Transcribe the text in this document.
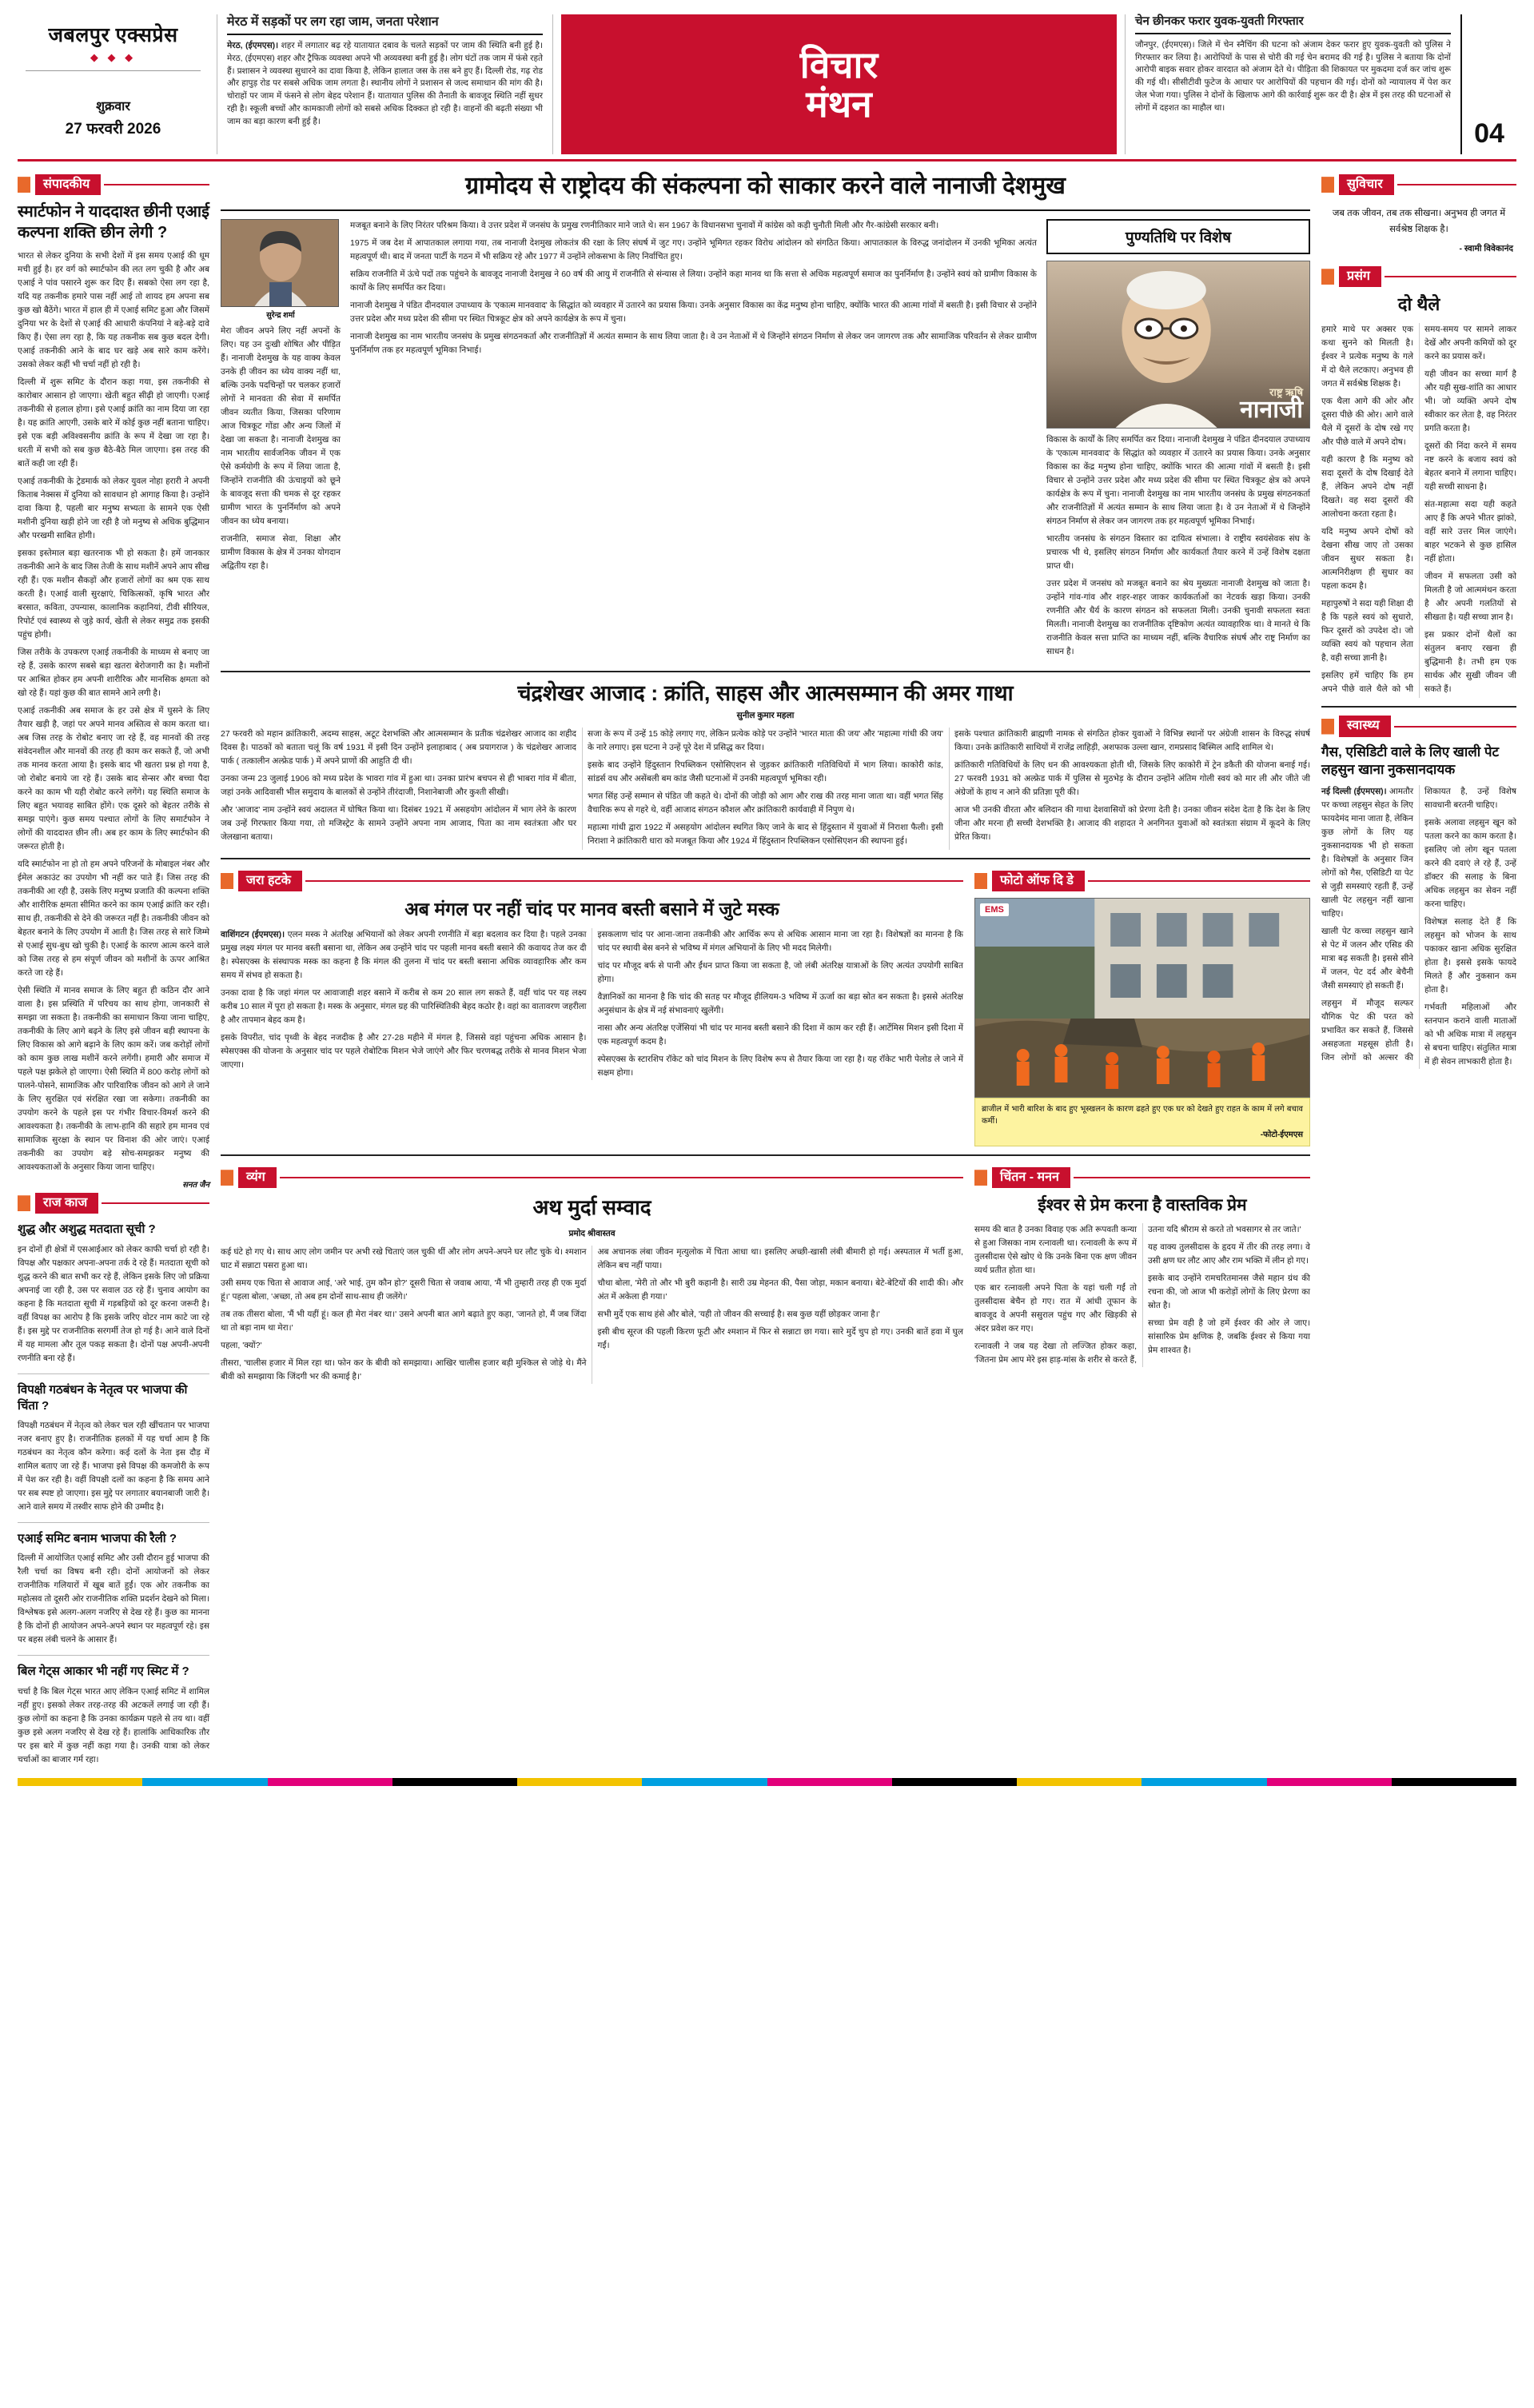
जबलपुर एक्सप्रेस
◆ ◆ ◆
शुक्रवार
27 फरवरी 2026
मेरठ में सड़कों पर लग रहा जाम, जनता परेशान

मेरठ, (ईएमएस)। शहर में लगातार बढ़ रहे यातायात दबाव के चलते सड़कों पर जाम की स्थिति बनी हुई है। मेरठ, (ईएमएस) शहर और ट्रैफिक व्यवस्था अपने भी अव्यवस्था बनी हुई है। लोग घंटों तक जाम में फंसे रहते हैं। प्रशासन ने व्यवस्था सुधारने का दावा किया है, लेकिन हालात जस के तस बने हुए हैं। दिल्ली रोड, गढ़ रोड और हापुड़ रोड पर सबसे अधिक जाम लगता है। स्थानीय लोगों ने प्रशासन से जल्द समाधान की मांग की है। चोराहों पर जाम में फंसने से लोग बेहद परेशान हैं। यातायात पुलिस की तैनाती के बावजूद स्थिति नहीं सुधर रही है। स्कूली बच्चों और कामकाजी लोगों को सबसे अधिक दिक्कत हो रही है। वाहनों की बढ़ती संख्या भी जाम का बड़ा कारण बनी हुई है।

विचार
मंथन
चेन छीनकर फरार युवक-युवती गिरफ्तार

जौनपुर, (ईएमएस)। जिले में चेन स्नैचिंग की घटना को अंजाम देकर फरार हुए युवक-युवती को पुलिस ने गिरफ्तार कर लिया है। आरोपियों के पास से चोरी की गई चेन बरामद की गई है। पुलिस ने बताया कि दोनों आरोपी बाइक सवार होकर वारदात को अंजाम देते थे। पीड़िता की शिकायत पर मुकदमा दर्ज कर जांच शुरू की गई थी। सीसीटीवी फुटेज के आधार पर आरोपियों की पहचान की गई। दोनों को न्यायालय में पेश कर जेल भेजा गया। पुलिस ने दोनों के खिलाफ आगे की कार्रवाई शुरू कर दी है। क्षेत्र में इस तरह की घटनाओं से लोगों में दहशत का माहौल था।

04
संपादकीय
स्मार्टफोन ने याददाश्त छीनी एआई कल्पना शक्ति छीन लेगी ?

भारत से लेकर दुनिया के सभी देशों में इस समय एआई की धूम मची हुई है। हर वर्ग को स्मार्टफोन की लत लग चुकी है और अब एआई ने पांव पसारने शुरू कर दिए हैं। सबको ऐसा लग रहा है, यदि यह तकनीक हमारे पास नहीं आई तो शायद हम अपना सब कुछ खो बैठेंगे। भारत में हाल ही में एआई समिट हुआ और जिसमें दुनिया भर के देशों से एआई की आधारी कंपनियां ने बड़े-बड़े दावे किए हैं। ऐसा लग रहा है, कि यह तकनीक सब कुछ बदल देगी। एआई तकनीकी आने के बाद घर खड़े अब सारे काम करेंगे। उसको लेकर कहीं भी चर्चा नहीं हो रही है।

दिल्ली में शुरू समिट के दौरान कहा गया, इस तकनीकी से कारोबार आसान हो जाएगा। खेती बहुत सीढ़ी हो जाएगी। एआई तकनीकी से हलाल होगा। इसे एआई क्रांति का नाम दिया जा रहा है। यह क्रांति आएगी, उसके बारे में कोई कुछ नहीं बताना चाहिए। इसे एक बड़ी अविश्वसनीय क्रांति के रूप में देखा जा रहा है। धरती में सभी को सब कुछ बैठे-बैठे मिल जाएगा। इस तरह की बातें कही जा रही हैं।

एआई तकनीकी के ट्रेडमार्क को लेकर युवल नोहा हरारी ने अपनी किताब नेक्सस में दुनिया को सावधान हो आगाह किया है। उन्होंने दावा किया है, पहली बार मनुष्य सभ्यता के सामने एक ऐसी मशीनी दुनिया खड़ी होने जा रही है जो मनुष्य से अधिक बुद्धिमान और परखमी साबित होगी।

इसका इस्तेमाल बड़ा खतरनाक भी हो सकता है। हमें जानकार तकनीकी आने के बाद जिस तेजी के साथ मशीनें अपने आप सीख रही हैं। एक मशीन सैकड़ों और हजारों लोगों का श्रम एक साथ करती है। एआई वाली सुरक्षाएं, चिकित्सकों, कृषि भारत और बरसात, कविता, उपन्यास, कालानिक कहानियां, टीवी सीरियल, रिपोर्ट एवं स्वास्थ्य से जुड़े कार्य, खेती से लेकर समुद्र तक इसकी पहुंच होगी।

जिस तरीके के उपकरण एआई तकनीकी के माध्यम से बनाए जा रहे हैं, उसके कारण सबसे बड़ा खतरा बेरोजगारी का है। मशीनों पर आश्रित होकर हम अपनी शारीरिक और मानसिक क्षमता को खो रहे हैं। यहां कुछ की बात सामने आने लगी है।

एआई तकनीकी अब समाज के हर उसे क्षेत्र में घुसने के लिए तैयार खड़ी है, जहां पर अपने मानव अस्तित्व से काम करता था। अब जिस तरह के रोबोट बनाए जा रहे हैं, वह मानवों की तरह संवेदनशील और मानवों की तरह ही काम कर सकते हैं, जो अभी तक मानव करता आया है। इसके बाद भी खतरा प्रश्न हो गया है, जो रोबोट बनाये जा रहे हैं। उसके बाद सेन्सर और बच्चा पैदा करने का काम भी यही रोबोट करने लगेंगे। यह स्थिति समाज के लिए बहुत भयावह साबित होंगे। एक दूसरे को बेहतर तरीके से समझ पाएंगे। कुछ समय पश्चात लोगों के लिए समार्टफोन ने लोगों की याददाश्त छीन ली। अब हर काम के लिए स्मार्टफोन की जरूरत होती है।

यदि स्मार्टफोन ना हो तो हम अपने परिजनों के मोबाइल नंबर और ईमेल अकाउंट का उपयोग भी नहीं कर पाते हैं। जिस तरह की तकनीकी आ रही है, उसके लिए मनुष्य प्रजाति की कल्पना शक्ति और शारीरिक क्षमता सीमित करने का काम एआई क्रांति कर रही। साथ ही, तकनीकी से देने की जरूरत नहीं है। तकनीकी जीवन को बेहतर बनाने के लिए उपयोग में आती है। जिस तरह से सारे जिम्मे से एआई सुध-बुध खो चुकी है। एआई के कारण आत्म करने वाले को जिस तरह से हम संपूर्ण जीवन को मशीनों के ऊपर आश्रित करते जा रहे हैं।

ऐसी स्थिति में मानव समाज के लिए बहुत ही कठिन दौर आने वाला है। इस प्रस्थिति में परिचय का साथ होगा, जानकारी से समझा जा सकता है। तकनीकी का समाधान किया जाना चाहिए, तकनीकी के लिए आगे बढ़ने के लिए इसे जीवन बड़ी स्थापना के लिए विकास को आगे बढ़ाने के लिए काम करें। जब करोड़ों लोगों को काम कुछ लाख मशीनें करने लगेंगी। हमारी और समाज में पहले पक्ष झकेले हो जाएगा। ऐसी स्थिति में 800 करोड़ लोगों को पालने-पोसने, सामाजिक और पारिवारिक जीवन को आगे ले जाने के लिए सुरक्षित एवं संरक्षित रखा जा सकेगा। तकनीकी का उपयोग करने के पहले इस पर गंभीर विचार-विमर्श करने की आवश्यकता है। तकनीकी के लाभ-हानि की सहारे हम मानव एवं सामाजिक सुरक्षा के स्थान पर विनाश की ओर जाएं। एआई तकनीकी का उपयोग बड़े सोच-समझकर मनुष्य की आवश्यकताओं के अनुसार किया जाना चाहिए।

सनत जैन
राज काज
शुद्ध और अशुद्ध मतदाता सूची ?
इन दोनों ही क्षेत्रों में एसआईआर को लेकर काफी चर्चा हो रही है। विपक्ष और पक्षकार अपना-अपना तर्क दे रहे हैं। मतदाता सूची को शुद्ध करने की बात सभी कर रहे हैं, लेकिन इसके लिए जो प्रक्रिया अपनाई जा रही है, उस पर सवाल उठ रहे हैं। चुनाव आयोग का कहना है कि मतदाता सूची में गड़बड़ियों को दूर करना जरूरी है। वहीं विपक्ष का आरोप है कि इसके जरिए वोटर नाम काटे जा रहे हैं। इस मुद्दे पर राजनीतिक सरगर्मी तेज हो गई है। आने वाले दिनों में यह मामला और तूल पकड़ सकता है। दोनों पक्ष अपनी-अपनी रणनीति बना रहे हैं।
विपक्षी गठबंधन के नेतृत्व पर भाजपा की चिंता ?
विपक्षी गठबंधन में नेतृत्व को लेकर चल रही खींचतान पर भाजपा नजर बनाए हुए है। राजनीतिक हलकों में यह चर्चा आम है कि गठबंधन का नेतृत्व कौन करेगा। कई दलों के नेता इस दौड़ में शामिल बताए जा रहे हैं। भाजपा इसे विपक्ष की कमजोरी के रूप में पेश कर रही है। वहीं विपक्षी दलों का कहना है कि समय आने पर सब स्पष्ट हो जाएगा। इस मुद्दे पर लगातार बयानबाजी जारी है। आने वाले समय में तस्वीर साफ होने की उम्मीद है।
एआई समिट बनाम भाजपा की रैली ?
दिल्ली में आयोजित एआई समिट और उसी दौरान हुई भाजपा की रैली चर्चा का विषय बनी रही। दोनों आयोजनों को लेकर राजनीतिक गलियारों में खूब बातें हुईं। एक ओर तकनीक का महोत्सव तो दूसरी ओर राजनीतिक शक्ति प्रदर्शन देखने को मिला। विश्लेषक इसे अलग-अलग नजरिए से देख रहे हैं। कुछ का मानना है कि दोनों ही आयोजन अपने-अपने स्थान पर महत्वपूर्ण रहे। इस पर बहस लंबी चलने के आसार हैं।
बिल गेट्स आकार भी नहीं गए स्मिट में ?
चर्चा है कि बिल गेट्स भारत आए लेकिन एआई समिट में शामिल नहीं हुए। इसको लेकर तरह-तरह की अटकलें लगाई जा रही हैं। कुछ लोगों का कहना है कि उनका कार्यक्रम पहले से तय था। वहीं कुछ इसे अलग नजरिए से देख रहे हैं। हालांकि आधिकारिक तौर पर इस बारे में कुछ नहीं कहा गया है। उनकी यात्रा को लेकर चर्चाओं का बाजार गर्म रहा।
ग्रामोदय से राष्ट्रोदय की संकल्पना को साकार करने वाले नानाजी देशमुख
सुरेन्द्र शर्मा

मेरा जीवन अपने लिए नहीं अपनों के लिए। यह उन दुःखी शोषित और पीड़ित हैं। नानाजी देशमुख के यह वाक्य केवल उनके ही जीवन का ध्येय वाक्य नहीं था, बल्कि उनके पदचिन्हों पर चलकर हजारों लोगों ने मानवता की सेवा में समर्पित जीवन व्यतीत किया, जिसका परिणाम आज चित्रकूट गोंडा और अन्य जिलों में देखा जा सकता है। नानाजी देशमुख का नाम भारतीय सार्वजनिक जीवन में एक ऐसे कर्मयोगी के रूप में लिया जाता है, जिन्होंने राजनीति की ऊंचाइयों को छूने के बावजूद सत्ता की चमक से दूर रहकर ग्रामीण भारत के पुनर्निर्माण को अपने जीवन का ध्येय बनाया।

राजनीति, समाज सेवा, शिक्षा और ग्रामीण विकास के क्षेत्र में उनका योगदान अद्वितीय रहा है।

मजबूत बनाने के लिए निरंतर परिश्रम किया। वे उत्तर प्रदेश में जनसंघ के प्रमुख रणनीतिकार माने जाते थे। सन 1967 के विधानसभा चुनावों में कांग्रेस को कड़ी चुनौती मिली और गैर-कांग्रेसी सरकार बनी।

1975 में जब देश में आपातकाल लगाया गया, तब नानाजी देशमुख लोकतंत्र की रक्षा के लिए संघर्ष में जुट गए। उन्होंने भूमिगत रहकर विरोध आंदोलन को संगठित किया। आपातकाल के विरुद्ध जनांदोलन में उनकी भूमिका अत्यंत महत्वपूर्ण थी। बाद में जनता पार्टी के गठन में भी सक्रिय रहे और 1977 में उन्होंने लोकसभा के लिए निर्वाचित हुए।

सक्रिय राजनीति में ऊंचे पदों तक पहुंचने के बावजूद नानाजी देशमुख ने 60 वर्ष की आयु में राजनीति से संन्यास ले लिया। उन्होंने कहा मानव था कि सत्ता से अधिक महत्वपूर्ण समाज का पुनर्निर्माण है। उन्होंने स्वयं को ग्रामीण विकास के कार्यों के लिए समर्पित कर दिया।

नानाजी देशमुख ने पंडित दीनदयाल उपाध्याय के 'एकात्म मानववाद' के सिद्धांत को व्यवहार में उतारने का प्रयास किया। उनके अनुसार विकास का केंद्र मनुष्य होना चाहिए, क्योंकि भारत की आत्मा गांवों में बसती है। इसी विचार से उन्होंने उत्तर प्रदेश और मध्य प्रदेश की सीमा पर स्थित चित्रकूट क्षेत्र को अपने कार्यक्षेत्र के रूप में चुना।

नानाजी देशमुख का नाम भारतीय जनसंघ के प्रमुख संगठनकर्ता और राजनीतिज्ञों में अत्यंत सम्मान के साथ लिया जाता है। वे उन नेताओं में थे जिन्होंने संगठन निर्माण से लेकर जन जागरण तक और सामाजिक परिवर्तन से लेकर ग्रामीण पुनर्निर्माण तक हर महत्वपूर्ण भूमिका निभाई।

पुण्यतिथि पर विशेष
राष्ट्र ऋषि
नानाजी

विकास के कार्यों के लिए समर्पित कर दिया। नानाजी देशमुख ने पंडित दीनदयाल उपाध्याय के 'एकात्म मानववाद' के सिद्धांत को व्यवहार में उतारने का प्रयास किया। उनके अनुसार विकास का केंद्र मनुष्य होना चाहिए, क्योंकि भारत की आत्मा गांवों में बसती है। इसी विचार से उन्होंने उत्तर प्रदेश और मध्य प्रदेश की सीमा पर स्थित चित्रकूट क्षेत्र को अपने कार्यक्षेत्र के रूप में चुना। नानाजी देशमुख का नाम भारतीय जनसंघ के प्रमुख संगठनकर्ता और राजनीतिज्ञों में अत्यंत सम्मान के साथ लिया जाता है। वे उन नेताओं में थे जिन्होंने संगठन निर्माण से लेकर जन जागरण तक हर महत्वपूर्ण भूमिका निभाई।

भारतीय जनसंघ के संगठन विस्तार का दायित्व संभाला। वे राष्ट्रीय स्वयंसेवक संघ के प्रचारक भी थे, इसलिए संगठन निर्माण और कार्यकर्ता तैयार करने में उन्हें विशेष दक्षता प्राप्त थी।

उत्तर प्रदेश में जनसंघ को मजबूत बनाने का श्रेय मुख्यतः नानाजी देशमुख को जाता है। उन्होंने गांव-गांव और शहर-शहर जाकर कार्यकर्ताओं का नेटवर्क खड़ा किया। उनकी रणनीति और धैर्य के कारण संगठन को सफलता मिली। उनकी चुनावी सफलता स्वतः मिलती। नानाजी देशमुख का राजनीतिक दृष्टिकोण अत्यंत व्यावहारिक था। वे मानते थे कि राजनीति केवल सत्ता प्राप्ति का माध्यम नहीं, बल्कि वैचारिक संघर्ष और राष्ट्र निर्माण का साधन है।

चंद्रशेखर आजाद : क्रांति, साहस और आत्मसम्मान की अमर गाथा
सुनील कुमार महला

27 फरवरी को महान क्रांतिकारी, अदम्य साहस, अटूट देशभक्ति और आत्मसम्मान के प्रतीक चंद्रशेखर आजाद का शहीद दिवस है। पाठकों को बताता चलूं कि वर्ष 1931 में इसी दिन उन्होंने इलाहाबाद ( अब प्रयागराज ) के चंद्रशेखर आजाद पार्क ( तत्कालीन अल्फ्रेड पार्क ) में अपने प्राणों की आहुति दी थी।

उनका जन्म 23 जुलाई 1906 को मध्य प्रदेश के भावरा गांव में हुआ था। उनका प्रारंभ बचपन से ही भाबरा गांव में बीता, जहां उनके आदिवासी भील समुदाय के बालकों से उन्होंने तीरंदाजी, निशानेबाजी और कुश्ती सीखी।

और 'आजाद' नाम उन्होंने स्वयं अदालत में घोषित किया था। दिसंबर 1921 में असहयोग आंदोलन में भाग लेने के कारण जब उन्हें गिरफ्तार किया गया, तो मजिस्ट्रेट के सामने उन्होंने अपना नाम आजाद, पिता का नाम स्वतंत्रता और घर जेलखाना बताया।

सजा के रूप में उन्हें 15 कोड़े लगाए गए, लेकिन प्रत्येक कोड़े पर उन्होंने 'भारत माता की जय' और 'महात्मा गांधी की जय' के नारे लगाए। इस घटना ने उन्हें पूरे देश में प्रसिद्ध कर दिया।

इसके बाद उन्होंने हिंदुस्तान रिपब्लिकन एसोसिएशन से जुड़कर क्रांतिकारी गतिविधियों में भाग लिया। काकोरी कांड, सांडर्स वध और असेंबली बम कांड जैसी घटनाओं में उनकी महत्वपूर्ण भूमिका रही।

भगत सिंह उन्हें सम्मान से पंडित जी कहते थे। दोनों की जोड़ी को आग और राख की तरह माना जाता था। वहीं भगत सिंह वैचारिक रूप से गहरे थे, वहीं आजाद संगठन कौशल और क्रांतिकारी कार्यवाही में निपुण थे।

महात्मा गांधी द्वारा 1922 में असहयोग आंदोलन स्थगित किए जाने के बाद से हिंदुस्तान में युवाओं में निराशा फैली। इसी निराशा ने क्रांतिकारी धारा को मजबूत किया और 1924 में हिंदुस्तान रिपब्लिकन एसोसिएशन की स्थापना हुई।

इसके पश्चात क्रांतिकारी ब्राह्मणी नामक से संगठित होकर युवाओं ने विभिन्न स्थानों पर अंग्रेजी शासन के विरुद्ध संघर्ष किया। उनके क्रांतिकारी साथियों में राजेंद्र लाहिड़ी, अशफाक उल्ला खान, रामप्रसाद बिस्मिल आदि शामिल थे।

क्रांतिकारी गतिविधियों के लिए धन की आवश्यकता होती थी, जिसके लिए काकोरी में ट्रेन डकैती की योजना बनाई गई। 27 फरवरी 1931 को अल्फ्रेड पार्क में पुलिस से मुठभेड़ के दौरान उन्होंने अंतिम गोली स्वयं को मार ली और जीते जी अंग्रेजों के हाथ न आने की प्रतिज्ञा पूरी की।

आज भी उनकी वीरता और बलिदान की गाथा देशवासियों को प्रेरणा देती है। उनका जीवन संदेश देता है कि देश के लिए जीना और मरना ही सच्ची देशभक्ति है। आजाद की शहादत ने अनगिनत युवाओं को स्वतंत्रता संग्राम में कूदने के लिए प्रेरित किया।

जरा हटके
अब मंगल पर नहीं चांद पर मानव बस्ती बसाने में जुटे मस्क

वाशिंगटन (ईएमएस)। एलन मस्क ने अंतरिक्ष अभियानों को लेकर अपनी रणनीति में बड़ा बदलाव कर दिया है। पहले उनका प्रमुख लक्ष्य मंगल पर मानव बस्ती बसाना था, लेकिन अब उन्होंने चांद पर पहली मानव बस्ती बसाने की कवायद तेज कर दी है। स्पेसएक्स के संस्थापक मस्क का कहना है कि मंगल की तुलना में चांद पर बस्ती बसाना अधिक व्यावहारिक और कम समय में संभव हो सकता है।

उनका दावा है कि जहां मंगल पर आवाजाही शहर बसाने में करीब से कम 20 साल लग सकते हैं, वहीं चांद पर यह लक्ष्य करीब 10 साल में पूरा हो सकता है। मस्क के अनुसार, मंगल ग्रह की पारिस्थितिकी बेहद कठोर है। वहां का वातावरण जहरीला है और तापमान बेहद कम है।

इसके विपरीत, चांद पृथ्वी के बेहद नजदीक है और 27-28 महीने में मंगल है, जिससे वहां पहुंचना अधिक आसान है। स्पेसएक्स की योजना के अनुसार चांद पर पहले रोबोटिक मिशन भेजे जाएंगे और फिर चरणबद्ध तरीके से मानव मिशन भेजा जाएगा।

इसकलाण चांद पर आना-जाना तकनीकी और आर्थिक रूप से अधिक आसान माना जा रहा है। विशेषज्ञों का मानना है कि चांद पर स्थायी बेस बनने से भविष्य में मंगल अभियानों के लिए भी मदद मिलेगी।

चांद पर मौजूद बर्फ से पानी और ईंधन प्राप्त किया जा सकता है, जो लंबी अंतरिक्ष यात्राओं के लिए अत्यंत उपयोगी साबित होगा।

वैज्ञानिकों का मानना है कि चांद की सतह पर मौजूद हीलियम-3 भविष्य में ऊर्जा का बड़ा स्रोत बन सकता है। इससे अंतरिक्ष अनुसंधान के क्षेत्र में नई संभावनाएं खुलेंगी।

नासा और अन्य अंतरिक्ष एजेंसियां भी चांद पर मानव बस्ती बसाने की दिशा में काम कर रही हैं। आर्टेमिस मिशन इसी दिशा में एक महत्वपूर्ण कदम है।

स्पेसएक्स के स्टारशिप रॉकेट को चांद मिशन के लिए विशेष रूप से तैयार किया जा रहा है। यह रॉकेट भारी पेलोड ले जाने में सक्षम होगा।

फोटो ऑफ दि डे
EMS
ब्राजील में भारी बारिश के बाद हुए भूस्खलन के कारण ढहते हुए एक घर को देखते हुए राहत के काम में लगे बचाव कर्मी।
-फोटो-ईएमएस
व्यंग
अथ मुर्दा सम्वाद
प्रमोद श्रीवास्तव

कई घंटे हो गए थे। साथ आए लोग जमीन पर अभी रखे चिताएं जल चुकी थीं और लोग अपने-अपने घर लौट चुके थे। श्मशान घाट में सन्नाटा पसरा हुआ था।

उसी समय एक चिता से आवाज आई, 'अरे भाई, तुम कौन हो?' दूसरी चिता से जवाब आया, 'मैं भी तुम्हारी तरह ही एक मुर्दा हूं।' पहला बोला, 'अच्छा, तो अब हम दोनों साथ-साथ ही जलेंगे।'

तब तक तीसरा बोला, 'मैं भी यहीं हूं। कल ही मेरा नंबर था।' उसने अपनी बात आगे बढ़ाते हुए कहा, 'जानते हो, मैं जब जिंदा था तो बड़ा नाम था मेरा।'

पहला, 'क्यों?'

तीसरा, 'चालीस हजार में मिल रहा था। फोन कर के बीवी को समझाया। आखिर चालीस हजार बड़ी मुश्किल से जोड़े थे। मैंने बीवी को समझाया कि जिंदगी भर की कमाई है।'

अब अचानक लंबा जीवन मृत्युलोक में चिता आधा था। इसलिए अच्छी-खासी लंबी बीमारी हो गई। अस्पताल में भर्ती हुआ, लेकिन बच नहीं पाया।

चौथा बोला, 'मेरी तो और भी बुरी कहानी है। सारी उम्र मेहनत की, पैसा जोड़ा, मकान बनाया। बेटे-बेटियों की शादी की। और अंत में अकेला ही गया।'

सभी मुर्दे एक साथ हंसे और बोले, 'यही तो जीवन की सच्चाई है। सब कुछ यहीं छोड़कर जाना है।'

इसी बीच सूरज की पहली किरण फूटी और श्मशान में फिर से सन्नाटा छा गया। सारे मुर्दे चुप हो गए। उनकी बातें हवा में घुल गईं।

चिंतन - मनन
ईश्वर से प्रेम करना है वास्तविक प्रेम

समय की बात है उनका विवाह एक अति रूपवती कन्या से हुआ जिसका नाम रत्नावली था। रत्नावली के रूप में तुलसीदास ऐसे खोए थे कि उनके बिना एक क्षण जीवन व्यर्थ प्रतीत होता था।

एक बार रत्नावली अपने पिता के यहां चली गईं तो तुलसीदास बेचैन हो गए। रात में आंधी तूफान के बावजूद वे अपनी ससुराल पहुंच गए और खिड़की से अंदर प्रवेश कर गए।

रत्नावली ने जब यह देखा तो लज्जित होकर कहा, 'जितना प्रेम आप मेरे इस हाड़-मांस के शरीर से करते हैं, उतना यदि श्रीराम से करते तो भवसागर से तर जाते।'

यह वाक्य तुलसीदास के हृदय में तीर की तरह लगा। वे उसी क्षण घर लौट आए और राम भक्ति में लीन हो गए।

इसके बाद उन्होंने रामचरितमानस जैसे महान ग्रंथ की रचना की, जो आज भी करोड़ों लोगों के लिए प्रेरणा का स्रोत है।

सच्चा प्रेम वही है जो हमें ईश्वर की ओर ले जाए। सांसारिक प्रेम क्षणिक है, जबकि ईश्वर से किया गया प्रेम शाश्वत है।

सुविचार
जब तक जीवन, तब तक सीखना। अनुभव ही जगत में सर्वश्रेष्ठ शिक्षक है।
- स्वामी विवेकानंद
प्रसंग
दो थैले

हमारे माथे पर अक्सर एक कथा सुनने को मिलती है। ईश्वर ने प्रत्येक मनुष्य के गले में दो थैले लटकाए। अनुभव ही जगत में सर्वश्रेष्ठ शिक्षक है।

एक थैला आगे की ओर और दूसरा पीछे की ओर। आगे वाले थैले में दूसरों के दोष रखे गए और पीछे वाले में अपने दोष।

यही कारण है कि मनुष्य को सदा दूसरों के दोष दिखाई देते हैं, लेकिन अपने दोष नहीं दिखते। वह सदा दूसरों की आलोचना करता रहता है।

यदि मनुष्य अपने दोषों को देखना सीख जाए तो उसका जीवन सुधर सकता है। आत्मनिरीक्षण ही सुधार का पहला कदम है।

महापुरुषों ने सदा यही शिक्षा दी है कि पहले स्वयं को सुधारो, फिर दूसरों को उपदेश दो। जो व्यक्ति स्वयं को पहचान लेता है, वही सच्चा ज्ञानी है।

इसलिए हमें चाहिए कि हम अपने पीछे वाले थैले को भी समय-समय पर सामने लाकर देखें और अपनी कमियों को दूर करने का प्रयास करें।

यही जीवन का सच्चा मार्ग है और यही सुख-शांति का आधार भी। जो व्यक्ति अपने दोष स्वीकार कर लेता है, वह निरंतर प्रगति करता है।

दूसरों की निंदा करने में समय नष्ट करने के बजाय स्वयं को बेहतर बनाने में लगाना चाहिए। यही सच्ची साधना है।

संत-महात्मा सदा यही कहते आए हैं कि अपने भीतर झांको, वहीं सारे उत्तर मिल जाएंगे। बाहर भटकने से कुछ हासिल नहीं होता।

जीवन में सफलता उसी को मिलती है जो आत्ममंथन करता है और अपनी गलतियों से सीखता है। यही सच्चा ज्ञान है।

इस प्रकार दोनों थैलों का संतुलन बनाए रखना ही बुद्धिमानी है। तभी हम एक सार्थक और सुखी जीवन जी सकते हैं।

स्वास्थ्य
गैस, एसिडिटी वाले के लिए खाली पेट लहसुन खाना नुकसानदायक

नई दिल्ली (ईएमएस)। आमतौर पर कच्चा लहसुन सेहत के लिए फायदेमंद माना जाता है, लेकिन कुछ लोगों के लिए यह नुकसानदायक भी हो सकता है। विशेषज्ञों के अनुसार जिन लोगों को गैस, एसिडिटी या पेट से जुड़ी समस्याएं रहती हैं, उन्हें खाली पेट लहसुन नहीं खाना चाहिए।

खाली पेट कच्चा लहसुन खाने से पेट में जलन और एसिड की मात्रा बढ़ सकती है। इससे सीने में जलन, पेट दर्द और बेचैनी जैसी समस्याएं हो सकती हैं।

लहसुन में मौजूद सल्फर यौगिक पेट की परत को प्रभावित कर सकते हैं, जिससे असहजता महसूस होती है। जिन लोगों को अल्सर की शिकायत है, उन्हें विशेष सावधानी बरतनी चाहिए।

इसके अलावा लहसुन खून को पतला करने का काम करता है। इसलिए जो लोग खून पतला करने की दवाएं ले रहे हैं, उन्हें डॉक्टर की सलाह के बिना अधिक लहसुन का सेवन नहीं करना चाहिए।

विशेषज्ञ सलाह देते हैं कि लहसुन को भोजन के साथ पकाकर खाना अधिक सुरक्षित होता है। इससे इसके फायदे मिलते हैं और नुकसान कम होता है।

गर्भवती महिलाओं और स्तनपान कराने वाली माताओं को भी अधिक मात्रा में लहसुन से बचना चाहिए। संतुलित मात्रा में ही सेवन लाभकारी होता है।
